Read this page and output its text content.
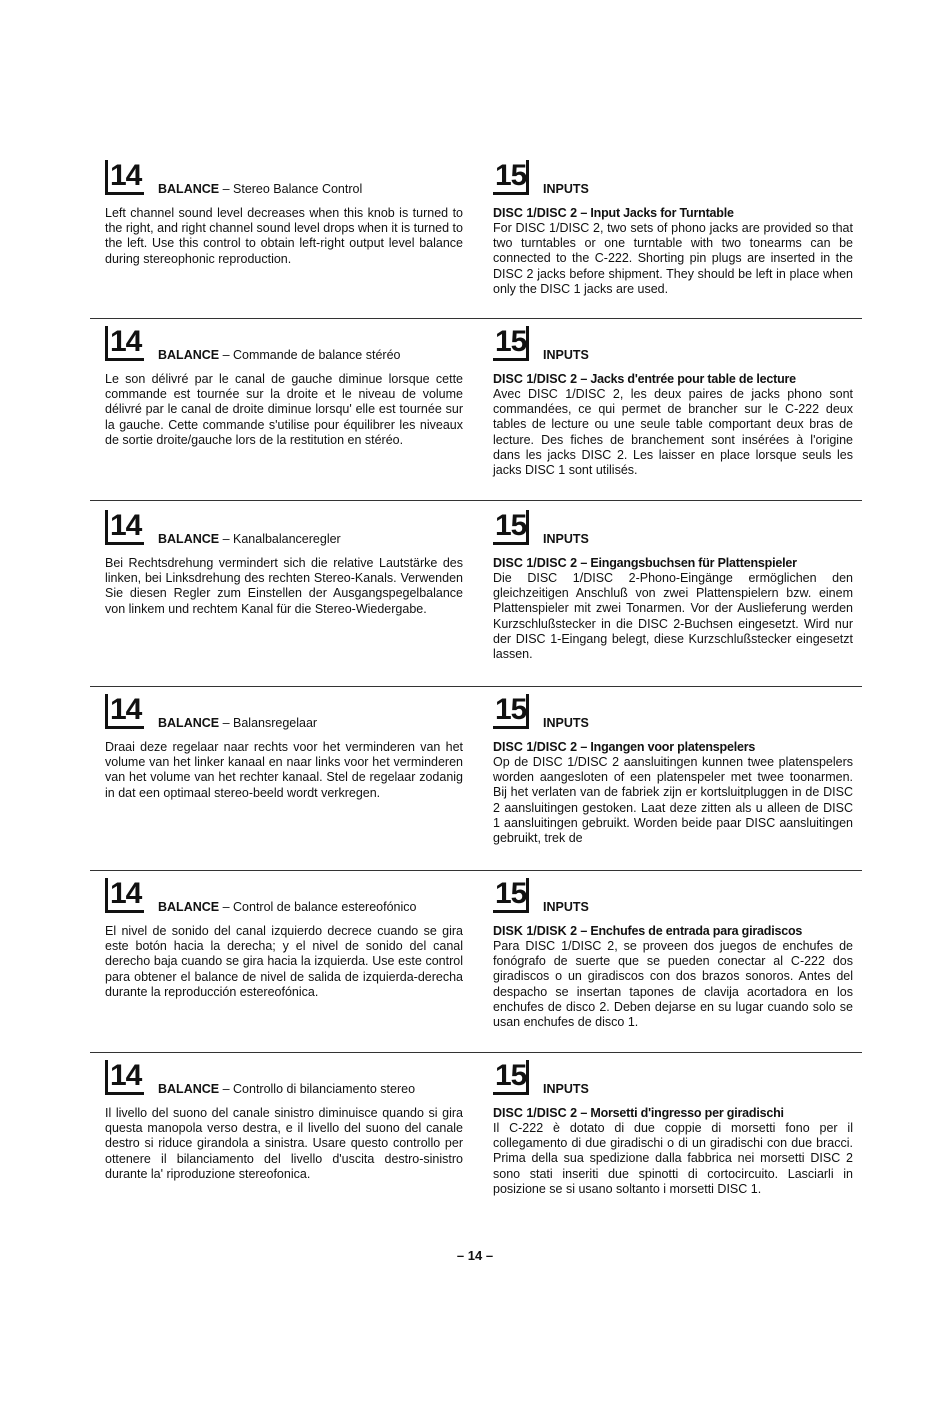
14 BALANCE – Stereo Balance Control

Left channel sound level decreases when this knob is turned to the right, and right channel sound level drops when it is turned to the left. Use this control to obtain left-right output level balance during stereophonic reproduction.

15 INPUTS

DISC 1/DISC 2 – Input Jacks for Turntable

For DISC 1/DISC 2, two sets of phono jacks are provided so that two turntables or one turntable with two tonearms can be connected to the C-222. Shorting pin plugs are inserted in the DISC 2 jacks before shipment. They should be left in place when only the DISC 1 jacks are used.

14 BALANCE – Commande de balance stéréo

Le son délivré par le canal de gauche diminue lorsque cette commande est tournée sur la droite et le niveau de volume délivré par le canal de droite diminue lorsqu' elle est tournée sur la gauche. Cette commande s'utilise pour équilibrer les niveaux de sortie droite/gauche lors de la restitution en stéréo.

15 INPUTS

DISC 1/DISC 2 – Jacks d'entrée pour table de lecture

Avec DISC 1/DISC 2, les deux paires de jacks phono sont commandées, ce qui permet de brancher sur le C-222 deux tables de lecture ou une seule table comportant deux bras de lecture. Des fiches de branchement sont insérées à l'origine dans les jacks DISC 2. Les laisser en place lorsque seuls les jacks DISC 1 sont utilisés.

14 BALANCE – Kanalbalanceregler

Bei Rechtsdrehung vermindert sich die relative Lautstärke des linken, bei Linksdrehung des rechten Stereo-Kanals. Verwenden Sie diesen Regler zum Einstellen der Ausgangspegelbalance von linkem und rechtem Kanal für die Stereo-Wiedergabe.

15 INPUTS

DISC 1/DISC 2 – Eingangsbuchsen für Plattenspieler

Die DISC 1/DISC 2-Phono-Eingänge ermöglichen den gleichzeitigen Anschluß von zwei Plattenspielern bzw. einem Plattenspieler mit zwei Tonarmen. Vor der Auslieferung werden Kurzschlußstecker in die DISC 2-Buchsen eingesetzt. Wird nur der DISC 1-Eingang belegt, diese Kurzschlußstecker eingesetzt lassen.

14 BALANCE – Balansregelaar

Draai deze regelaar naar rechts voor het verminderen van het volume van het linker kanaal en naar links voor het verminderen van het volume van het rechter kanaal. Stel de regelaar zodanig in dat een optimaal stereo-beeld wordt verkregen.

15 INPUTS

DISC 1/DISC 2 – Ingangen voor platenspelers

Op de DISC 1/DISC 2 aansluitingen kunnen twee platenspelers worden aangesloten of een platenspeler met twee toonarmen. Bij het verlaten van de fabriek zijn er kortsluitpluggen in de DISC 2 aansluitingen gestoken. Laat deze zitten als u alleen de DISC 1 aansluitingen gebruikt. Worden beide paar DISC aansluitingen gebruikt, trek de

14 BALANCE – Control de balance estereofónico

El nivel de sonido del canal izquierdo decrece cuando se gira este botón hacia la derecha; y el nivel de sonido del canal derecho baja cuando se gira hacia la izquierda. Use este control para obtener el balance de nivel de salida de izquierda-derecha durante la reproducción estereofónica.

15 INPUTS

DISK 1/DISK 2 – Enchufes de entrada para giradiscos

Para DISC 1/DISC 2, se proveen dos juegos de enchufes de fonógrafo de suerte que se pueden conectar al C-222 dos giradiscos o un giradiscos con dos brazos sonoros. Antes del despacho se insertan tapones de clavija acortadora en los enchufes de disco 2. Deben dejarse en su lugar cuando solo se usan enchufes de disco 1.

14 BALANCE – Controllo di bilanciamento stereo

Il livello del suono del canale sinistro diminuisce quando si gira questa manopola verso destra, e il livello del suono del canale destro si riduce girandola a sinistra. Usare questo controllo per ottenere il bilanciamento del livello d'uscita destro-sinistro durante la' riproduzione stereofonica.

15 INPUTS

DISC 1/DISC 2 – Morsetti d'ingresso per giradischi

Il C-222 è dotato di due coppie di morsetti fono per il collegamento di due giradischi o di un giradischi con due bracci. Prima della sua spedizione dalla fabbrica nei morsetti DISC 2 sono stati inseriti due spinotti di cortocircuito. Lasciarli in posizione se si usano soltanto i morsetti DISC 1.

– 14 –
